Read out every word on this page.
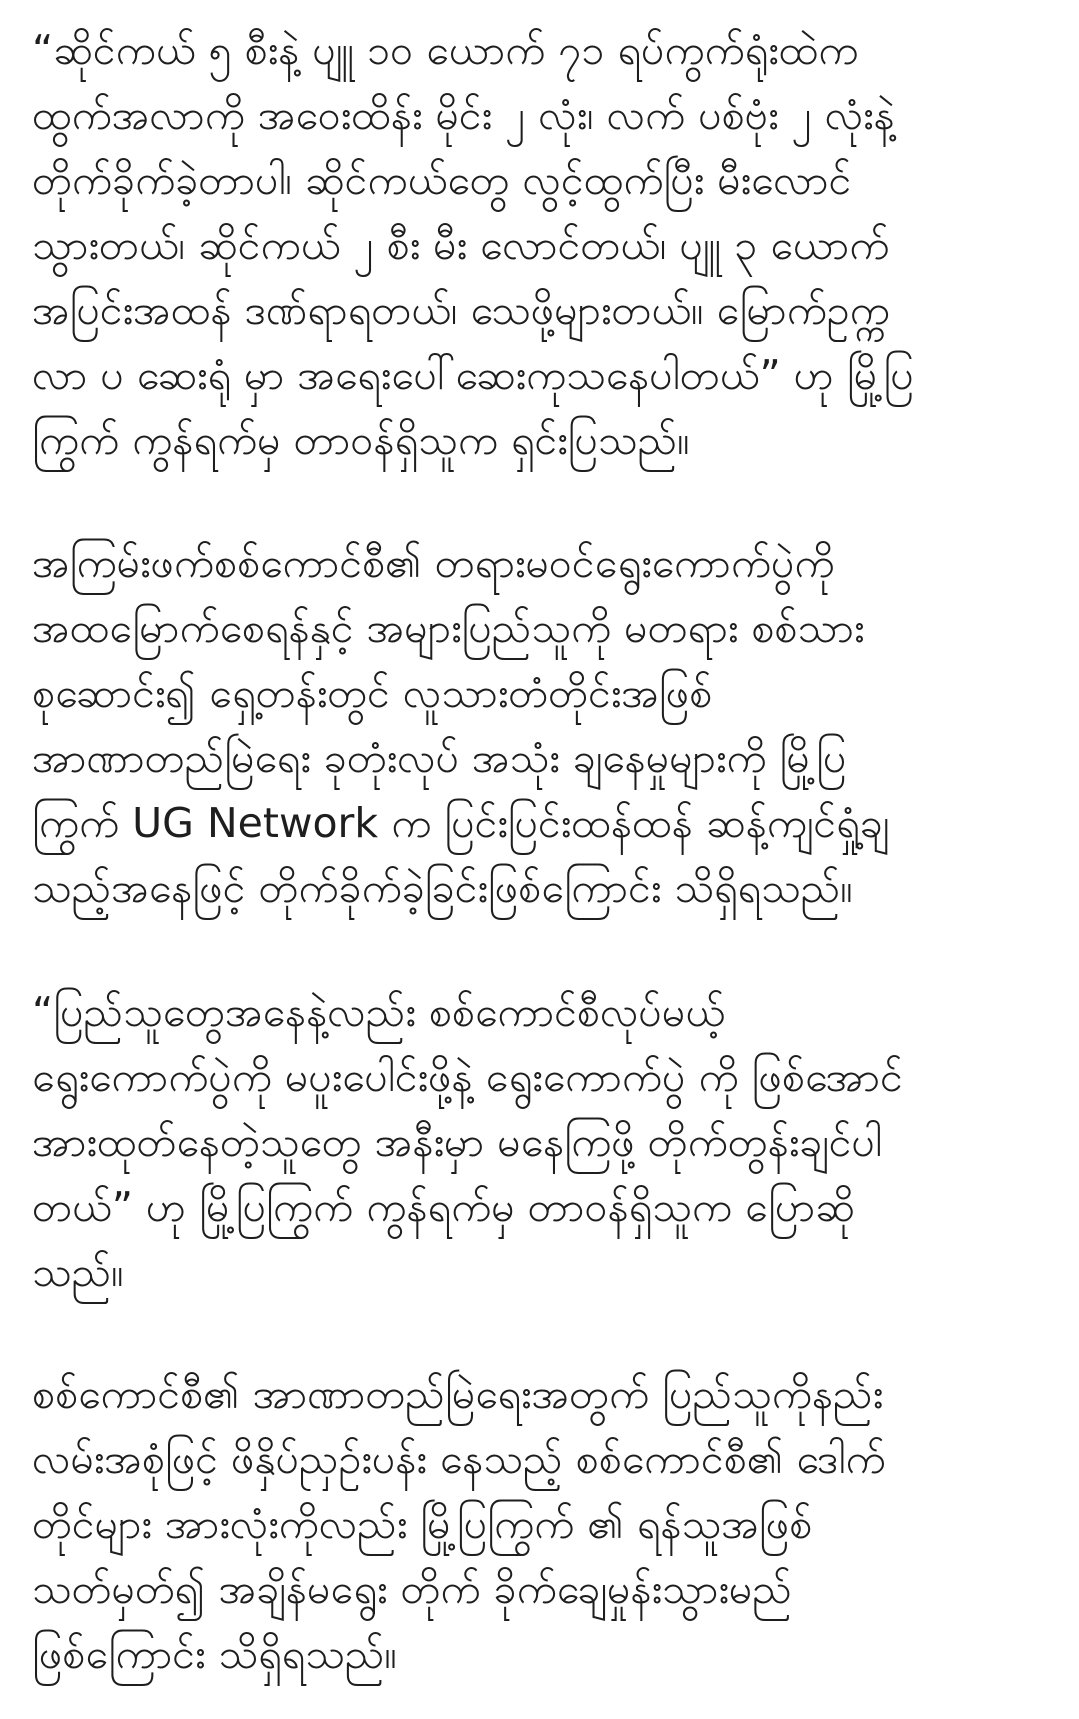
“ဆိုင်ကယ် ၅ စီးနဲ့ ပျူ ၁၀ ယောက် ၇၁ ရပ်ကွက်ရုံးထဲက
ထွက်အလာကို အဝေးထိန်း မိုင်း ၂ လုံး၊ လက် ပစ်ဗုံး ၂ လုံးနဲ့
တိုက်ခိုက်ခဲ့တာပါ၊ ဆိုင်ကယ်တွေ လွင့်ထွက်ပြီး မီးလောင်
သွားတယ်၊ ဆိုင်ကယ် ၂ စီး မီး လောင်တယ်၊ ပျူ ၃ ယောက်
အပြင်းအထန် ဒဏ်ရာရတယ်၊ သေဖို့များတယ်။ မြောက်ဥက္က
လာ ပ ဆေးရုံ မှာ အရေးပေါ်ဆေးကုသနေပါတယ်” ဟု မြို့ပြ
ကြွက် ကွန်ရက်မှ တာဝန်ရှိသူက ရှင်းပြသည်။

အကြမ်းဖက်စစ်ကောင်စီ၏ တရားမဝင်ရွေးကောက်ပွဲကို
အထမြောက်စေရန်နှင့် အများပြည်သူကို မတရား စစ်သား
စုဆောင်း၍ ရှေ့တန်းတွင် လူသားတံတိုင်းအဖြစ်
အာဏာတည်မြဲရေး ခုတုံးလုပ် အသုံး ချနေမှုများကို မြို့ပြ
ကြွက် UG Network က ပြင်းပြင်းထန်ထန် ဆန့်ကျင်ရှုံ့ချ
သည့်အနေဖြင့် တိုက်ခိုက်ခဲ့ခြင်းဖြစ်ကြောင်း သိရှိရသည်။

“ပြည်သူတွေအနေနဲ့လည်း စစ်ကောင်စီလုပ်မယ့်
ရွေးကောက်ပွဲကို မပူးပေါင်းဖို့နဲ့ ရွေးကောက်ပွဲ ကို ဖြစ်အောင်
အားထုတ်နေတဲ့သူတွေ အနီးမှာ မနေကြဖို့ တိုက်တွန်းချင်ပါ
တယ်” ဟု မြို့ပြကြွက် ကွန်ရက်မှ တာဝန်ရှိသူက ပြောဆို
သည်။

စစ်ကောင်စီ၏ အာဏာတည်မြဲရေးအတွက် ပြည်သူကိုနည်း
လမ်းအစုံဖြင့် ဖိနှိပ်ညှဉ်းပန်း နေသည့် စစ်ကောင်စီ၏ ဒေါက်
တိုင်များ အားလုံးကိုလည်း မြို့ပြကြွက် ၏ ရန်သူအဖြစ်
သတ်မှတ်၍ အချိန်မရွေး တိုက် ခိုက်ချေမှုန်းသွားမည်
ဖြစ်ကြောင်း သိရှိရသည်။
